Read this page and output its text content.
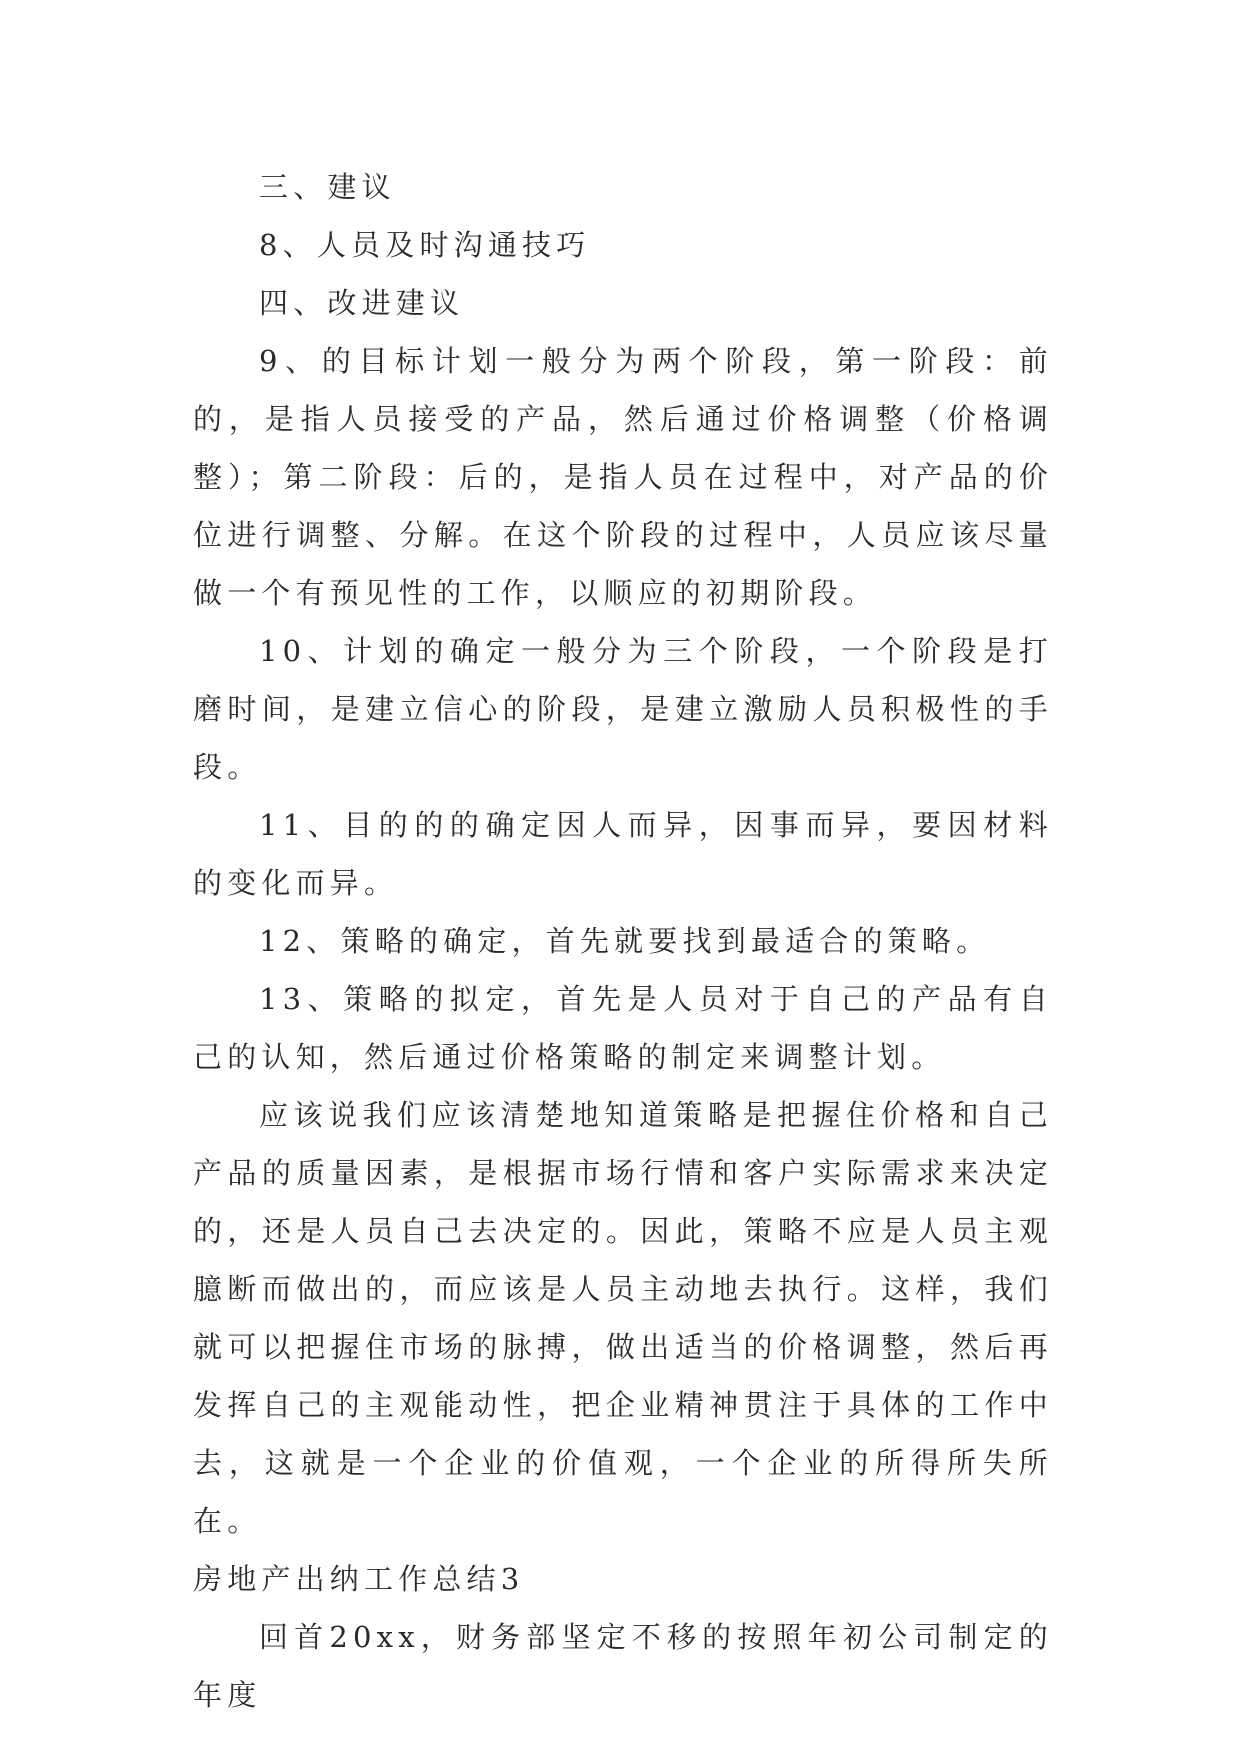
三、建议

8、人员及时沟通技巧

四、改进建议

9、的目标计划一般分为两个阶段，第一阶段：前的，是指人员接受的产品，然后通过价格调整（价格调整）；第二阶段：后的，是指人员在过程中，对产品的价位进行调整、分解。在这个阶段的过程中，人员应该尽量做一个有预见性的工作，以顺应的初期阶段。

10、计划的确定一般分为三个阶段，一个阶段是打磨时间，是建立信心的阶段，是建立激励人员积极性的手段。

11、目的的的确定因人而异，因事而异，要因材料的变化而异。

12、策略的确定，首先就要找到最适合的策略。

13、策略的拟定，首先是人员对于自己的产品有自己的认知，然后通过价格策略的制定来调整计划。

应该说我们应该清楚地知道策略是把握住价格和自己产品的质量因素，是根据市场行情和客户实际需求来决定的，还是人员自己去决定的。因此，策略不应是人员主观臆断而做出的，而应该是人员主动地去执行。这样，我们就可以把握住市场的脉搏，做出适当的价格调整，然后再发挥自己的主观能动性，把企业精神贯注于具体的工作中去，这就是一个企业的价值观，一个企业的所得所失所在。

房地产出纳工作总结3

回首20xx，财务部坚定不移的按照年初公司制定的年度
